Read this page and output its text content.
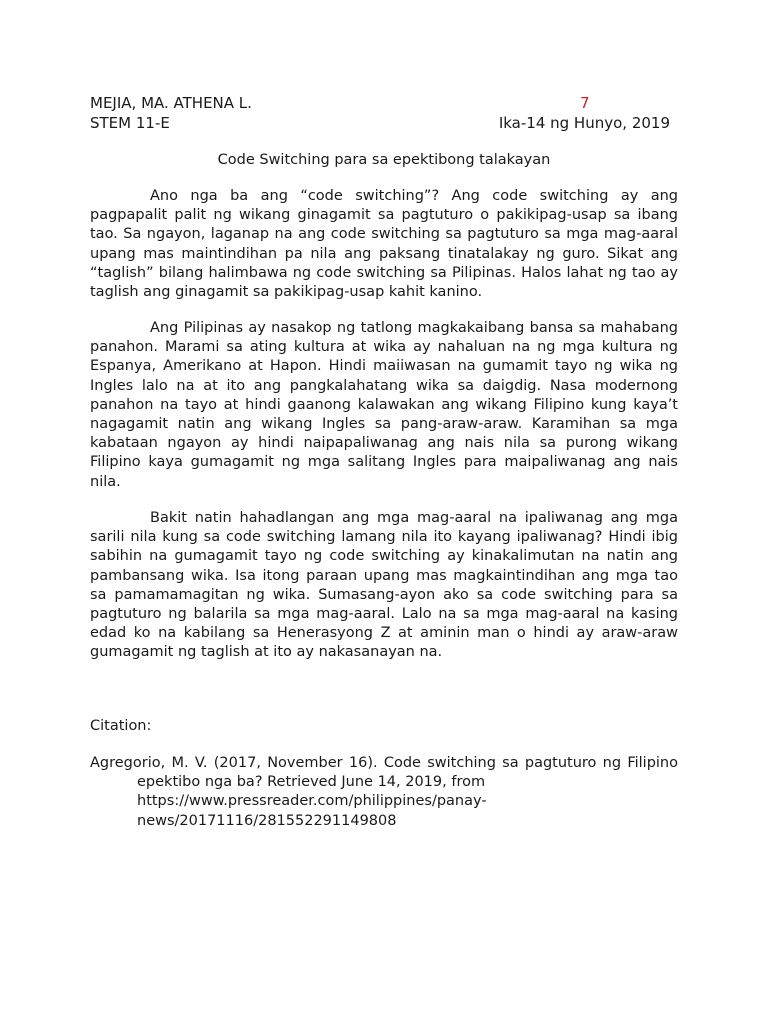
MEJIA, MA. ATHENA L.	7
STEM 11-E	Ika-14 ng Hunyo, 2019
Code Switching para sa epektibong talakayan

Ano nga ba ang “code switching”? Ang code switching ay ang pagpapalit palit ng wikang ginagamit sa pagtuturo o pakikipag-usap sa ibang tao. Sa ngayon, laganap na ang code switching sa pagtuturo sa mga mag-aaral upang mas maintindihan pa nila ang paksang tinatalakay ng guro. Sikat ang “taglish” bilang halimbawa ng code switching sa Pilipinas. Halos lahat ng tao ay taglish ang ginagamit sa pakikipag-usap kahit kanino.

Ang Pilipinas ay nasakop ng tatlong magkakaibang bansa sa mahabang panahon. Marami sa ating kultura at wika ay nahaluan na ng mga kultura ng Espanya, Amerikano at Hapon. Hindi maiiwasan na gumamit tayo ng wika ng Ingles lalo na at ito ang pangkalahatang wika sa daigdig. Nasa modernong panahon na tayo at hindi gaanong kalawakan ang wikang Filipino kung kaya’t nagagamit natin ang wikang Ingles sa pang-araw-araw. Karamihan sa mga kabataan ngayon ay hindi naipapaliwanag ang nais nila sa purong wikang Filipino kaya gumagamit ng mga salitang Ingles para maipaliwanag ang nais nila.

Bakit natin hahadlangan ang mga mag-aaral na ipaliwanag ang mga sarili nila kung sa code switching lamang nila ito kayang ipaliwanag? Hindi ibig sabihin na gumagamit tayo ng code switching ay kinakalimutan na natin ang pambansang wika. Isa itong paraan upang mas magkaintindihan ang mga tao sa pamamamagitan ng wika. Sumasang-ayon ako sa code switching para sa pagtuturo ng balarila sa mga mag-aaral. Lalo na sa mga mag-aaral na kasing edad ko na kabilang sa Henerasyong Z at aminin man o hindi ay araw-araw gumagamit ng taglish at ito ay nakasanayan na.

Citation:

Agregorio, M. V. (2017, November 16). Code switching sa pagtuturo ng Filipino epektibo nga ba? Retrieved June 14, 2019, from
https://www.pressreader.com/philippines/panay-news/20171116/281552291149808
